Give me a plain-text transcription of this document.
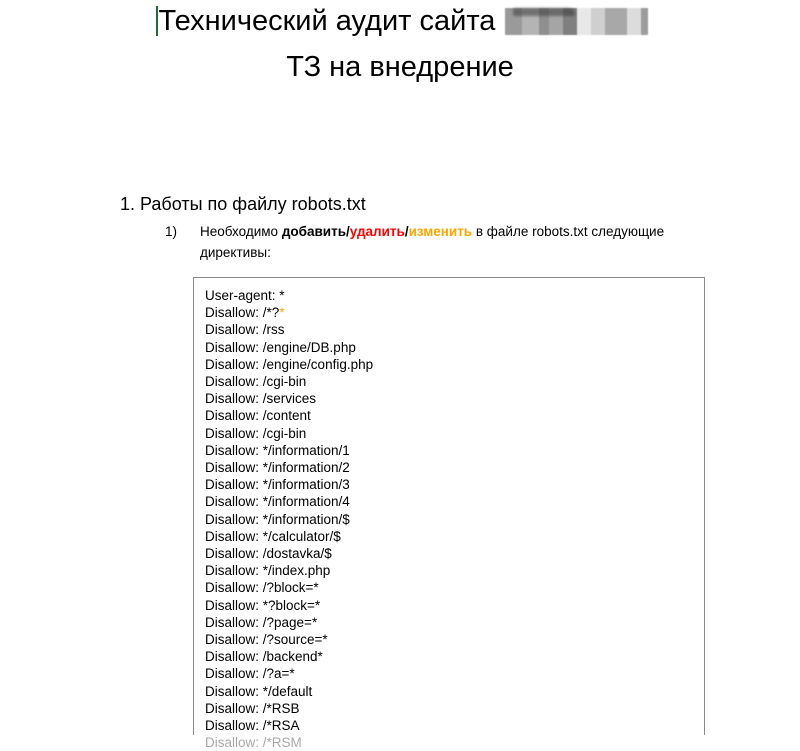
Технический аудит сайта
ТЗ на внедрение
1. Работы по файлу robots.txt
1)	Необходимо добавить/удалить/изменить в файле robots.txt следующие директивы:
User-agent: *
Disallow: /*?*
Disallow: /rss
Disallow: /engine/DB.php
Disallow: /engine/config.php
Disallow: /cgi-bin
Disallow: /services
Disallow: /content
Disallow: /cgi-bin
Disallow: */information/1
Disallow: */information/2
Disallow: */information/3
Disallow: */information/4
Disallow: */information/$
Disallow: */calculator/$
Disallow: /dostavka/$
Disallow: */index.php
Disallow: /?block=*
Disallow: *?block=*
Disallow: /?page=*
Disallow: /?source=*
Disallow: /backend*
Disallow: /?a=*
Disallow: */default
Disallow: /*RSB
Disallow: /*RSA
Disallow: /*RSM
